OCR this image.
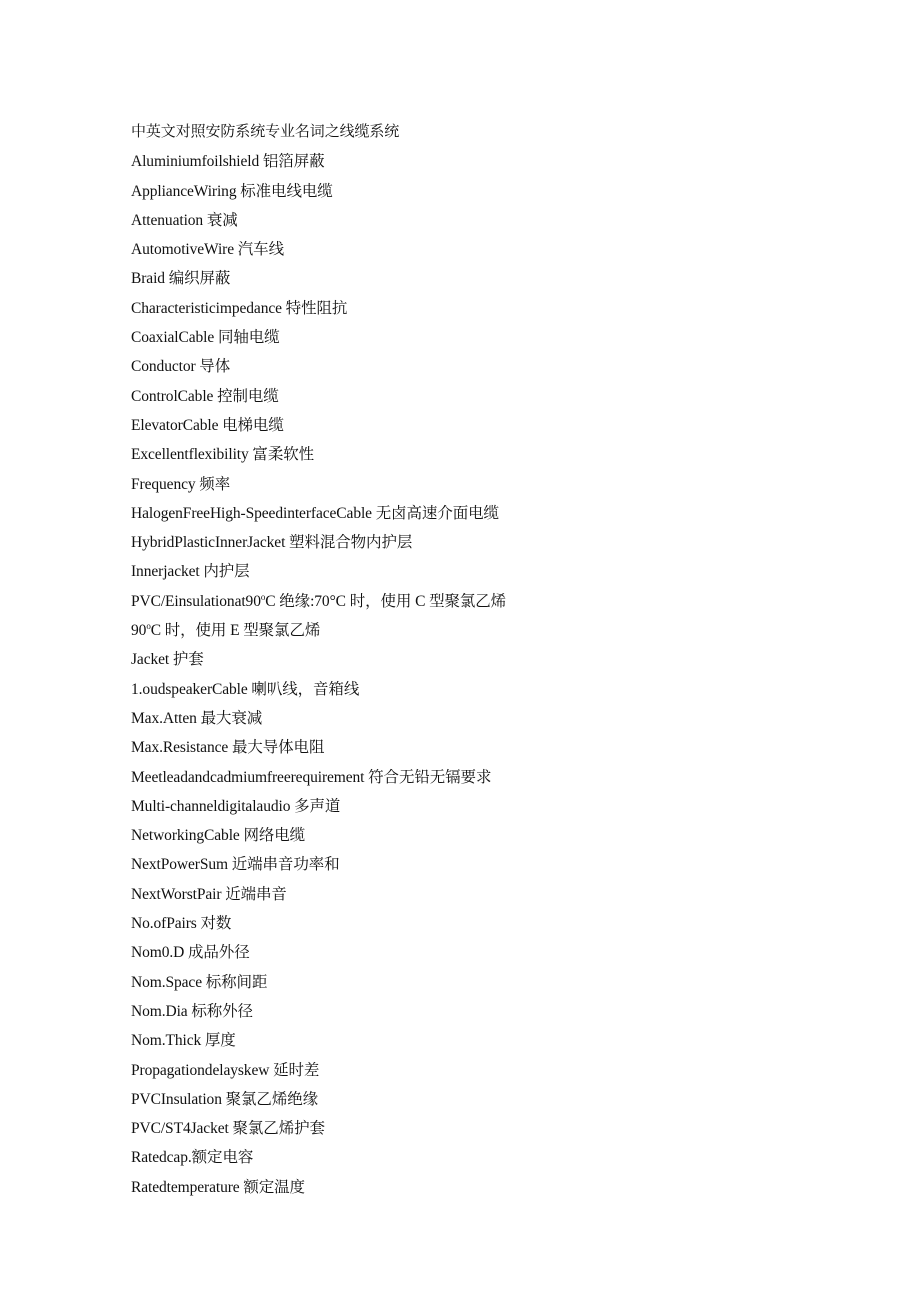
中英文对照安防系统专业名词之线缆系统
Aluminiumfoilshield 铝箔屏蔽
ApplianceWiring 标准电线电缆
Attenuation 衰减
AutomotiveWire 汽车线
Braid 编织屏蔽
Characteristicimpedance 特性阻抗
CoaxialCable 同轴电缆
Conductor 导体
ControlCable 控制电缆
ElevatorCable 电梯电缆
Excellentflexibility 富柔软性
Frequency 频率
HalogenFreeHigh-SpeedinterfaceCable 无卤高速介面电缆
HybridPlasticInnerJacket 塑料混合物内护层
Innerjacket 内护层
PVC/Einsulationat90$^o$C 绝缘:70°C 时，使用 C 型聚氯乙烯
90$^o$C 时，使用 E 型聚氯乙烯
Jacket 护套
1.oudspeakerCable 喇叭线，音箱线
Max.Atten 最大衰减
Max.Resistance 最大导体电阻
Meetleadandcadmiumfreerequirement 符合无铅无镉要求
Multi-channeldigitalaudio 多声道
NetworkingCable 网络电缆
NextPowerSum 近端串音功率和
NextWorstPair 近端串音
No.ofPairs 对数
Nom0.D 成品外径
Nom.Space 标称间距
Nom.Dia 标称外径
Nom.Thick 厚度
Propagationdelayskew 延时差
PVCInsulation 聚氯乙烯绝缘
PVC/ST4Jacket 聚氯乙烯护套
Ratedcap.额定电容
Ratedtemperature 额定温度
